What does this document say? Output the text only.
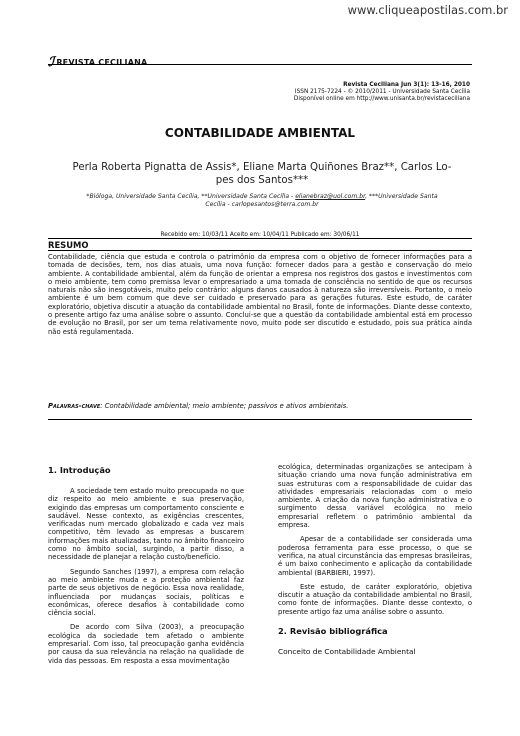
www.cliqueapostilas.com.br
ℐ REVISTA CECILIANA
Revista Ceciliana Jun 3(1): 13-16, 2010
ISSN 2175-7224 - © 2010/2011 - Universidade Santa Cecília
Disponível online em http://www.unisanta.br/revistaceciliana
CONTABILIDADE AMBIENTAL
Perla Roberta Pignatta de Assis*, Eliane Marta Quiñones Braz**, Carlos Lo-
pes dos Santos***
*Bióloga, Universidade Santa Cecília, **Universidade Santa Cecília - elianebraz@uol.com.br, ***Universidade Santa
Cecília - carlopesantos@terra.com.br
Recebido em: 10/03/11 Aceito em: 10/04/11 Publicado em: 30/06/11
RESUMO
Contabilidade, ciência que estuda e controla o patrimônio da empresa com o objetivo de fornecer informações para a tomada de decisões, tem, nos dias atuais, uma nova função: fornecer dados para a gestão e conservação do meio ambiente. A contabilidade ambiental, além da função de orientar a empresa nos registros dos gastos e investimentos com o meio ambiente, tem como premissa levar o empresariado a uma tomada de consciência no sentido de que os recursos naturais não são inesgotáveis, muito pelo contrário: alguns danos causados à natureza são irreversíveis. Portanto, o meio ambiente é um bem comum que deve ser cuidado e preservado para as gerações futuras. Este estudo, de caráter exploratório, objetiva discutir a atuação da contabilidade ambiental no Brasil, fonte de informações. Diante desse contexto, o presente artigo faz uma análise sobre o assunto. Conclui-se que a questão da contabilidade ambiental está em processo de evolução no Brasil, por ser um tema relativamente novo, muito pode ser discutido e estudado, pois sua prática ainda não está regulamentada.
Palavras-chave: Contabilidade ambiental; meio ambiente; passivos e ativos ambientais.
1. Introdução

A sociedade tem estado muito preocupada no que diz respeito ao meio ambiente e sua preservação, exigindo das empresas um comportamento consciente e saudável. Nesse contexto, as exigências crescentes, verificadas num mercado globalizado e cada vez mais competitivo, têm levado as empresas a buscarem informações mais atualizadas, tanto no âmbito financeiro como no âmbito social, surgindo, a partir disso, a necessidade de planejar a relação custo/benefício.

Segundo Sanches (1997), a empresa com relação ao meio ambiente muda e a proteção ambiental faz parte de seus objetivos de negócio. Essa nova realidade, influenciada por mudanças sociais, políticas e econômicas, oferece desafios à contabilidade como ciência social.

De acordo com Silva (2003), a preocupação ecológica da sociedade tem afetado o ambiente empresarial. Com isso, tal preocupação ganha evidência por causa da sua relevância na relação na qualidade de vida das pessoas. Em resposta a essa movimentação

ecológica, determinadas organizações se antecipam à situação criando uma nova função administrativa em suas estruturas com a responsabilidade de cuidar das atividades empresariais relacionadas com o meio ambiente. A criação da nova função administrativa e o surgimento dessa variável ecológica no meio empresarial refletem o patrimônio ambiental da empresa.

Apesar de a contabilidade ser considerada uma poderosa ferramenta para esse processo, o que se verifica, na atual circunstância das empresas brasileiras, é um baixo conhecimento e aplicação da contabilidade ambiental (BARBIERI, 1997).

Este estudo, de caráter exploratório, objetiva discutir a atuação da contabilidade ambiental no Brasil, como fonte de informações. Diante desse contexto, o presente artigo faz uma análise sobre o assunto.

2. Revisão bibliográfica
Conceito de Contabilidade Ambiental
